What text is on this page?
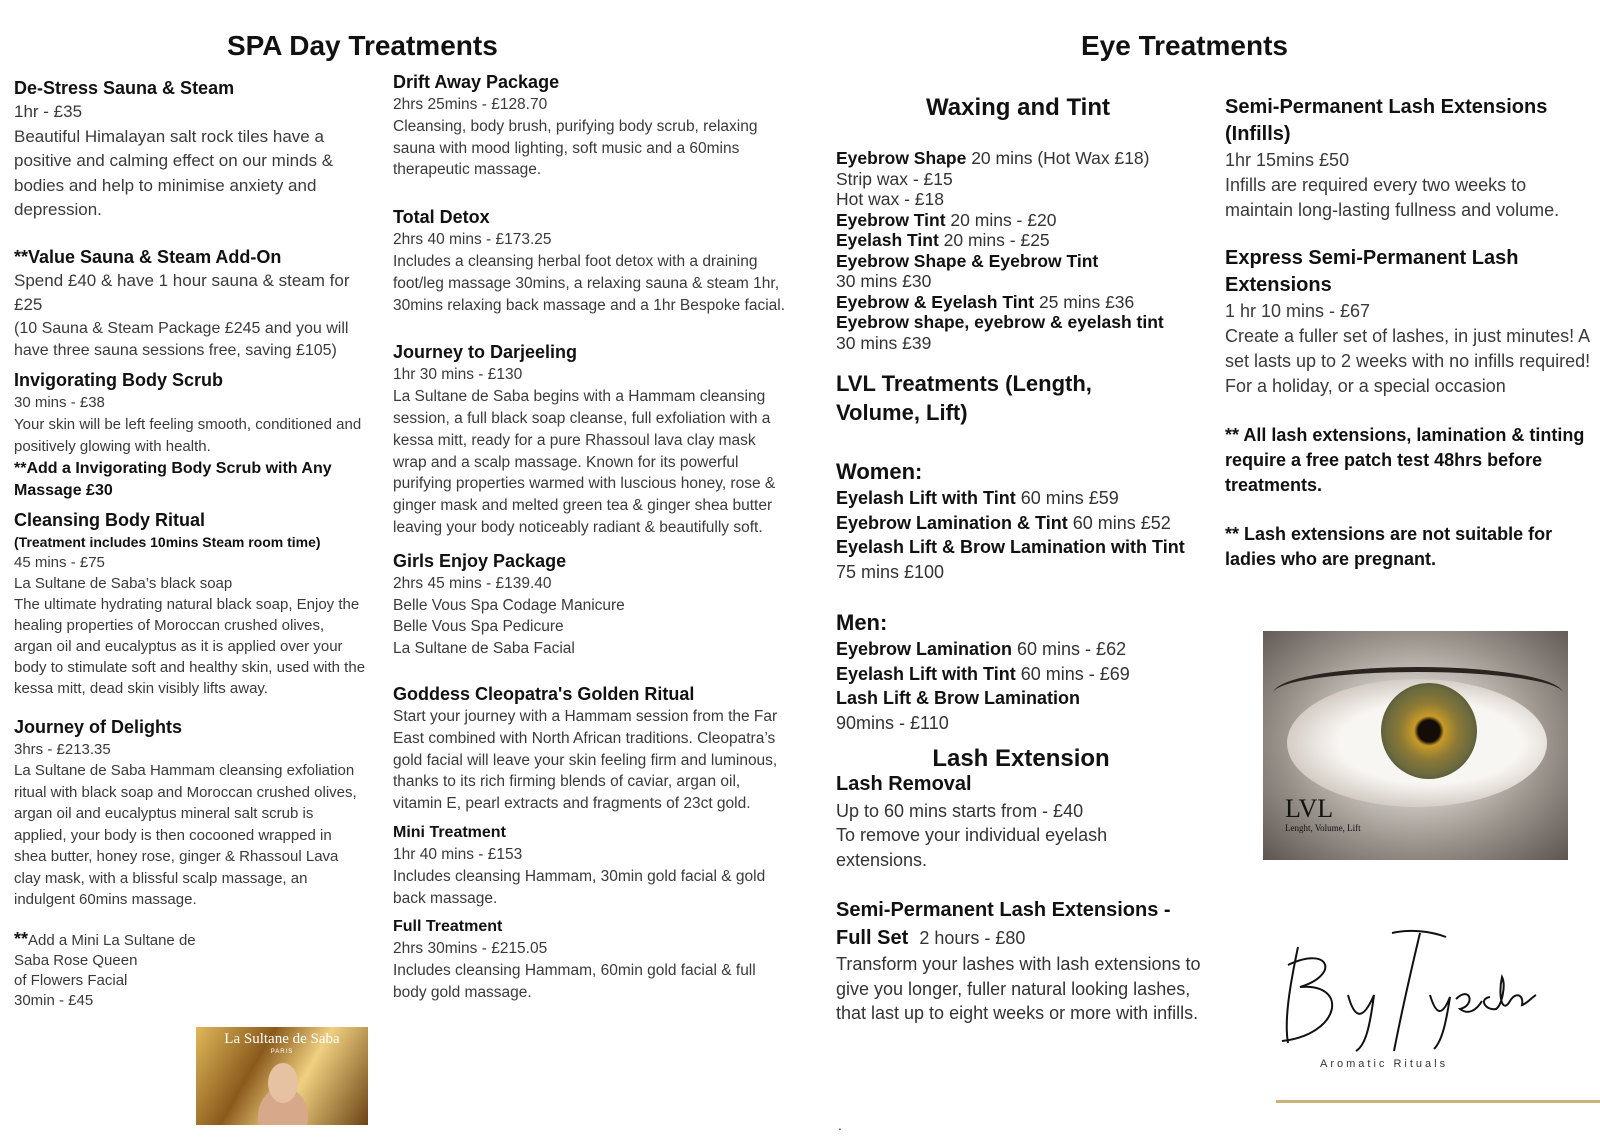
SPA Day Treatments	Eye Treatments
De-Stress Sauna & Steam
1hr - £35
Beautiful Himalayan salt rock tiles have a positive and calming effect on our minds & bodies and help to minimise anxiety and depression.
**Value Sauna & Steam Add-On
Spend £40 & have 1 hour sauna & steam for £25
(10 Sauna & Steam Package £245 and you will have three sauna sessions free, saving £105)
Invigorating Body Scrub
30 mins - £38
Your skin will be left feeling smooth, conditioned and positively glowing with health.
**Add a Invigorating Body Scrub with Any Massage £30
Cleansing Body Ritual
(Treatment includes 10mins Steam room time)
45 mins - £75
La Sultane de Saba’s black soap
The ultimate hydrating natural black soap, Enjoy the healing properties of Moroccan crushed olives, argan oil and eucalyptus as it is applied over your body to stimulate soft and healthy skin, used with the kessa mitt, dead skin visibly lifts away.
Journey of Delights
3hrs - £213.35
La Sultane de Saba Hammam cleansing exfoliation ritual with black soap and Moroccan crushed olives, argan oil and eucalyptus mineral salt scrub is applied, your body is then cocooned wrapped in shea butter, honey rose, ginger & Rhassoul Lava clay mask, with a blissful scalp massage, an indulgent 60mins massage.
**Add a Mini La Sultane de
Saba Rose Queen
of Flowers Facial
30min - £45
La Sultane de Saba
PARIS
Drift Away Package
2hrs 25mins - £128.70
Cleansing, body brush, purifying body scrub, relaxing sauna with mood lighting, soft music and a 60mins therapeutic massage.
Total Detox
2hrs 40 mins - £173.25
Includes a cleansing herbal foot detox with a draining foot/leg massage 30mins, a relaxing sauna & steam 1hr, 30mins relaxing back massage and a 1hr Bespoke facial.
Journey to Darjeeling
1hr 30 mins - £130
La Sultane de Saba begins with a Hammam cleansing session, a full black soap cleanse, full exfoliation with a kessa mitt, ready for a pure Rhassoul lava clay mask wrap and a scalp massage. Known for its powerful purifying properties warmed with luscious honey, rose & ginger mask and melted green tea & ginger shea butter leaving your body noticeably radiant & beautifully soft.
Girls Enjoy Package
2hrs 45 mins - £139.40
Belle Vous Spa Codage Manicure
Belle Vous Spa Pedicure
La Sultane de Saba Facial
Goddess Cleopatra's Golden Ritual
Start your journey with a Hammam session from the Far East combined with North African traditions. Cleopatra’s gold facial will leave your skin feeling firm and luminous, thanks to its rich firming blends of caviar, argan oil, vitamin E, pearl extracts and fragments of 23ct gold.
Mini Treatment
1hr 40 mins - £153
Includes cleansing Hammam, 30min gold facial & gold back massage.
Full Treatment
2hrs 30mins - £215.05
Includes cleansing Hammam, 60min gold facial & full body gold massage.
Waxing and Tint
Eyebrow Shape 20 mins (Hot Wax £18)
Strip wax - £15
Hot wax - £18
Eyebrow Tint 20 mins - £20
Eyelash Tint 20 mins - £25
Eyebrow Shape & Eyebrow Tint
30 mins £30
Eyebrow & Eyelash Tint 25 mins £36
Eyebrow shape, eyebrow & eyelash tint
30 mins £39
LVL Treatments (Length, Volume, Lift)
Women:
Eyelash Lift with Tint 60 mins £59
Eyebrow Lamination & Tint 60 mins £52
Eyelash Lift & Brow Lamination with Tint 75 mins £100
Men:
Eyebrow Lamination 60 mins - £62
Eyelash Lift with Tint 60 mins - £69
Lash Lift & Brow Lamination
90mins - £110
Lash Extension
Lash Removal
Up to 60 mins starts from - £40
To remove your individual eyelash extensions.
Semi-Permanent Lash Extensions - Full Set 2 hours - £80
Transform your lashes with lash extensions to give you longer, fuller natural looking lashes, that last up to eight weeks or more with infills.
.
Semi-Permanent Lash Extensions (Infills)
1hr 15mins £50
Infills are required every two weeks to maintain long-lasting fullness and volume.
Express Semi-Permanent Lash Extensions
1 hr 10 mins - £67
Create a fuller set of lashes, in just minutes! A set lasts up to 2 weeks with no infills required! For a holiday, or a special occasion
** All lash extensions, lamination & tinting require a free patch test 48hrs before treatments.
** Lash extensions are not suitable for ladies who are pregnant.
LVL
Lenght, Volume, Lift
Aromatic Rituals
